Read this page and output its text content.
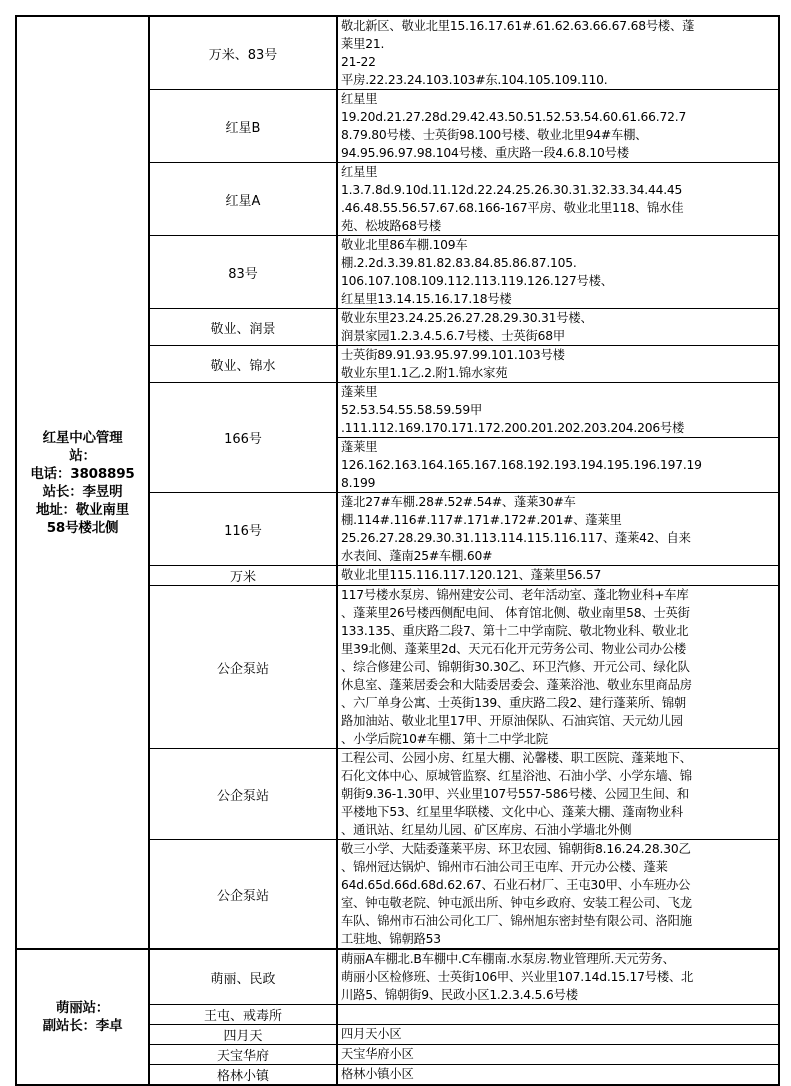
红星中心管理
站：
电话：3808895
站长：李昱明
地址：敬业南里
58号楼北侧
	万米、83号	
敬北新区、敬业北里15.16.17.61#.61.62.63.66.67.68号楼、蓬
莱里21.
21-22
平房.22.23.24.103.103#东.104.105.109.110.

红星B	
红星里
19.20d.21.27.28d.29.42.43.50.51.52.53.54.60.61.66.72.7
8.79.80号楼、士英街98.100号楼、敬业北里94#车棚、
94.95.96.97.98.104号楼、重庆路一段4.6.8.10号楼

红星A	
红星里
1.3.7.8d.9.10d.11.12d.22.24.25.26.30.31.32.33.34.44.45
.46.48.55.56.57.67.68.166-167平房、敬业北里118、锦水佳
苑、松坡路68号楼

83号	
敬业北里86车棚.109车
棚.2.2d.3.39.81.82.83.84.85.86.87.105.
106.107.108.109.112.113.119.126.127号楼、
红星里13.14.15.16.17.18号楼

敬业、润景	
敬业东里23.24.25.26.27.28.29.30.31号楼、
润景家园1.2.3.4.5.6.7号楼、士英街68甲

敬业、锦水	
士英街89.91.93.95.97.99.101.103号楼
敬业东里1.1乙.2.附1.锦水家苑

166号	
蓬莱里
52.53.54.55.58.59.59甲
.111.112.169.170.171.172.200.201.202.203.204.206号楼

蓬莱里
126.162.163.164.165.167.168.192.193.194.195.196.197.19
8.199

116号	
蓬北27#车棚.28#.52#.54#、蓬莱30#车
棚.114#.116#.117#.171#.172#.201#、蓬莱里
25.26.27.28.29.30.31.113.114.115.116.117、蓬莱42、自来
水表间、蓬南25#车棚.60#

万米	敬业北里115.116.117.120.121、蓬莱里56.57

公企泵站	
117号楼水泵房、锦州建安公司、老年活动室、蓬北物业科+车库
、蓬莱里26号楼西侧配电间、 体育馆北侧、敬业南里58、士英街
133.135、重庆路二段7、第十二中学南院、敬北物业科、敬业北
里39北侧、蓬莱里2d、天元石化开元劳务公司、物业公司办公楼
、综合修建公司、锦朝街30.30乙、环卫汽修、开元公司、绿化队
休息室、蓬莱居委会和大陆委居委会、蓬莱浴池、敬业东里商品房
、六厂单身公寓、士英街139、重庆路二段2、建行蓬莱所、锦朝
路加油站、敬业北里17甲、开原油保队、石油宾馆、天元幼儿园
、小学后院10#车棚、第十二中学北院

公企泵站	
工程公司、公园小房、红星大棚、沁馨楼、职工医院、蓬莱地下、
石化文体中心、原城管监察、红星浴池、石油小学、小学东墙、锦
朝街9.36-1.30甲、兴业里107号557-586号楼、公园卫生间、和
平楼地下53、红星里华联楼、文化中心、蓬莱大棚、蓬南物业科
、通讯站、红星幼儿园、矿区库房、石油小学墙北外侧

公企泵站	
敬三小学、大陆委蓬莱平房、环卫农园、锦朝街8.16.24.28.30乙
、锦州冠达锅炉、锦州市石油公司王屯库、开元办公楼、蓬莱
64d.65d.66d.68d.62.67、石业石材厂、王屯30甲、小车班办公
室、钟屯敬老院、钟屯派出所、钟屯乡政府、安装工程公司、飞龙
车队、锦州市石油公司化工厂、锦州旭东密封垫有限公司、洛阳施
工驻地、锦朝路53

萌丽站：
副站长：李卓
	萌丽、民政	
萌丽A车棚北.B车棚中.C车棚南.水泵房.物业管理所.天元劳务、
萌丽小区检修班、士英街106甲、兴业里107.14d.15.17号楼、北
川路5、锦朝街9、民政小区1.2.3.4.5.6号楼

王屯、戒毒所	

四月天	四月天小区

天宝华府	天宝华府小区

格林小镇	格林小镇小区
